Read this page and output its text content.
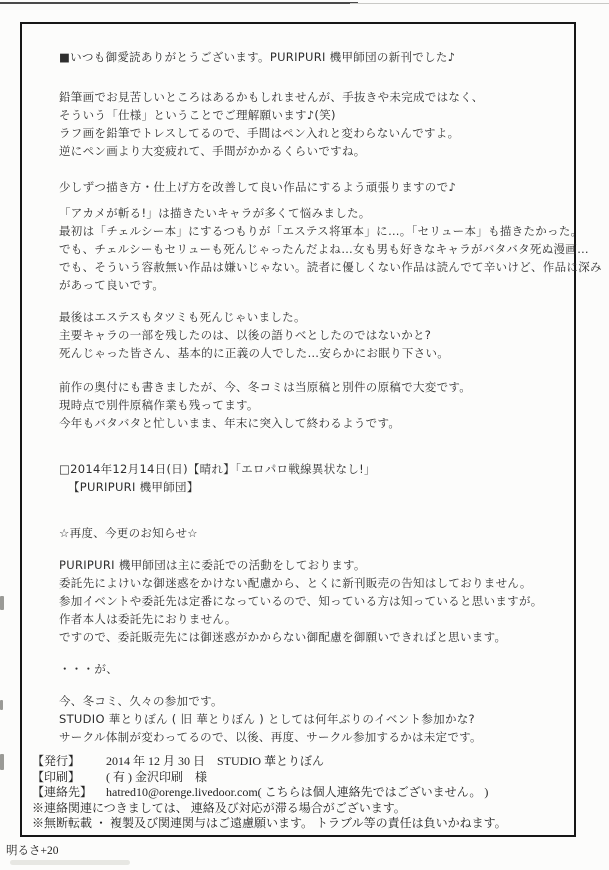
■いつも御愛読ありがとうございます。PURIPURI 機甲師団の新刊でした♪
鉛筆画でお見苦しいところはあるかもしれませんが、手抜きや未完成ではなく、
そういう「仕様」ということでご理解願います♪(笑)
ラフ画を鉛筆でトレスしてるので、手間はペン入れと変わらないんですよ。
逆にペン画より大変疲れて、手間がかかるくらいですね。
少しずつ描き方・仕上げ方を改善して良い作品にするよう頑張りますので♪
「アカメが斬る!」は描きたいキャラが多くて悩みました。
最初は「チェルシー本」にするつもりが「エステス将軍本」に…。「セリュー本」も描きたかった。
でも、チェルシーもセリューも死んじゃったんだよね…女も男も好きなキャラがバタバタ死ぬ漫画…
でも、そういう容赦無い作品は嫌いじゃない。読者に優しくない作品は読んでて辛いけど、作品に深み
があって良いです。
最後はエステスもタツミも死んじゃいました。
主要キャラの一部を残したのは、以後の語りべとしたのではないかと?
死んじゃった皆さん、基本的に正義の人でした…安らかにお眠り下さい。
前作の奥付にも書きましたが、今、冬コミは当原稿と別件の原稿で大変です。
現時点で別件原稿作業も残ってます。
今年もバタバタと忙しいまま、年末に突入して終わるようです。
□2014年12月14日(日)【晴れ】「エロパロ戦線異状なし!」
【PURIPURI 機甲師団】
☆再度、今更のお知らせ☆
PURIPURI 機甲師団は主に委託での活動をしております。
委託先によけいな御迷惑をかけない配慮から、とくに新刊販売の告知はしておりません。
参加イベントや委託先は定番になっているので、知っている方は知っていると思いますが。
作者本人は委託先におりません。
ですので、委託販売先には御迷惑がかからない御配慮を御願いできればと思います。
・・・が、
今、冬コミ、久々の参加です。
STUDIO 華とりぼん ( 旧 華とりぼん ) としては何年ぶりのイベント参加かな?
サークル体制が変わってるので、以後、再度、サークル参加するかは未定です。
【発行】	2014 年 12 月 30 日　STUDIO 華とりぼん
【印刷】	( 有 ) 金沢印刷　様
【連絡先】	hatred10@orenge.livedoor.com( こちらは個人連絡先ではございません。 )
※連絡関連につきましては、 連絡及び対応が滞る場合がございます。
※無断転載 ・ 複製及び関連関与はご遠慮願います。 トラブル等の責任は負いかねます。
明るさ+20
